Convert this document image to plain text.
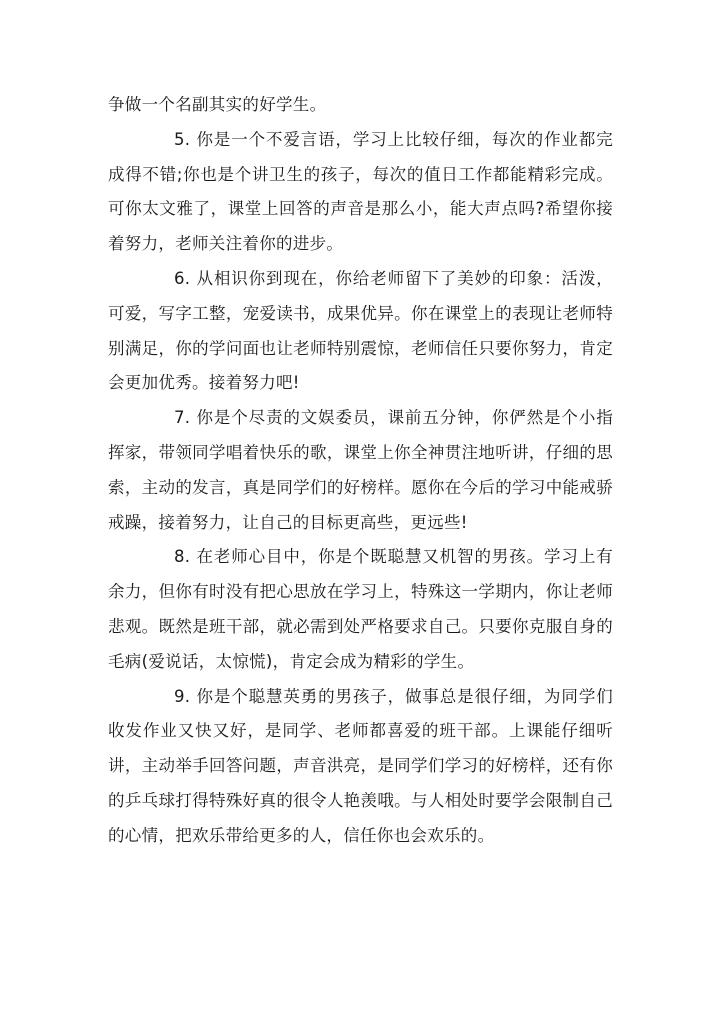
争做一个名副其实的好学生。

5. 你是一个不爱言语，学习上比较仔细，每次的作业都完成得不错;你也是个讲卫生的孩子，每次的值日工作都能精彩完成。可你太文雅了，课堂上回答的声音是那么小，能大声点吗?希望你接着努力，老师关注着你的进步。

6. 从相识你到现在，你给老师留下了美妙的印象：活泼，可爱，写字工整，宠爱读书，成果优异。你在课堂上的表现让老师特别满足，你的学问面也让老师特别震惊，老师信任只要你努力，肯定会更加优秀。接着努力吧!

7. 你是个尽责的文娱委员，课前五分钟，你俨然是个小指挥家，带领同学唱着快乐的歌，课堂上你全神贯注地听讲，仔细的思索，主动的发言，真是同学们的好榜样。愿你在今后的学习中能戒骄戒躁，接着努力，让自己的目标更高些，更远些!

8. 在老师心目中，你是个既聪慧又机智的男孩。学习上有余力，但你有时没有把心思放在学习上，特殊这一学期内，你让老师悲观。既然是班干部，就必需到处严格要求自己。只要你克服自身的毛病(爱说话，太惊慌)，肯定会成为精彩的学生。

9. 你是个聪慧英勇的男孩子，做事总是很仔细，为同学们收发作业又快又好，是同学、老师都喜爱的班干部。上课能仔细听讲，主动举手回答问题，声音洪亮，是同学们学习的好榜样，还有你的乒乓球打得特殊好真的很令人艳羡哦。与人相处时要学会限制自己的心情，把欢乐带给更多的人，信任你也会欢乐的。
